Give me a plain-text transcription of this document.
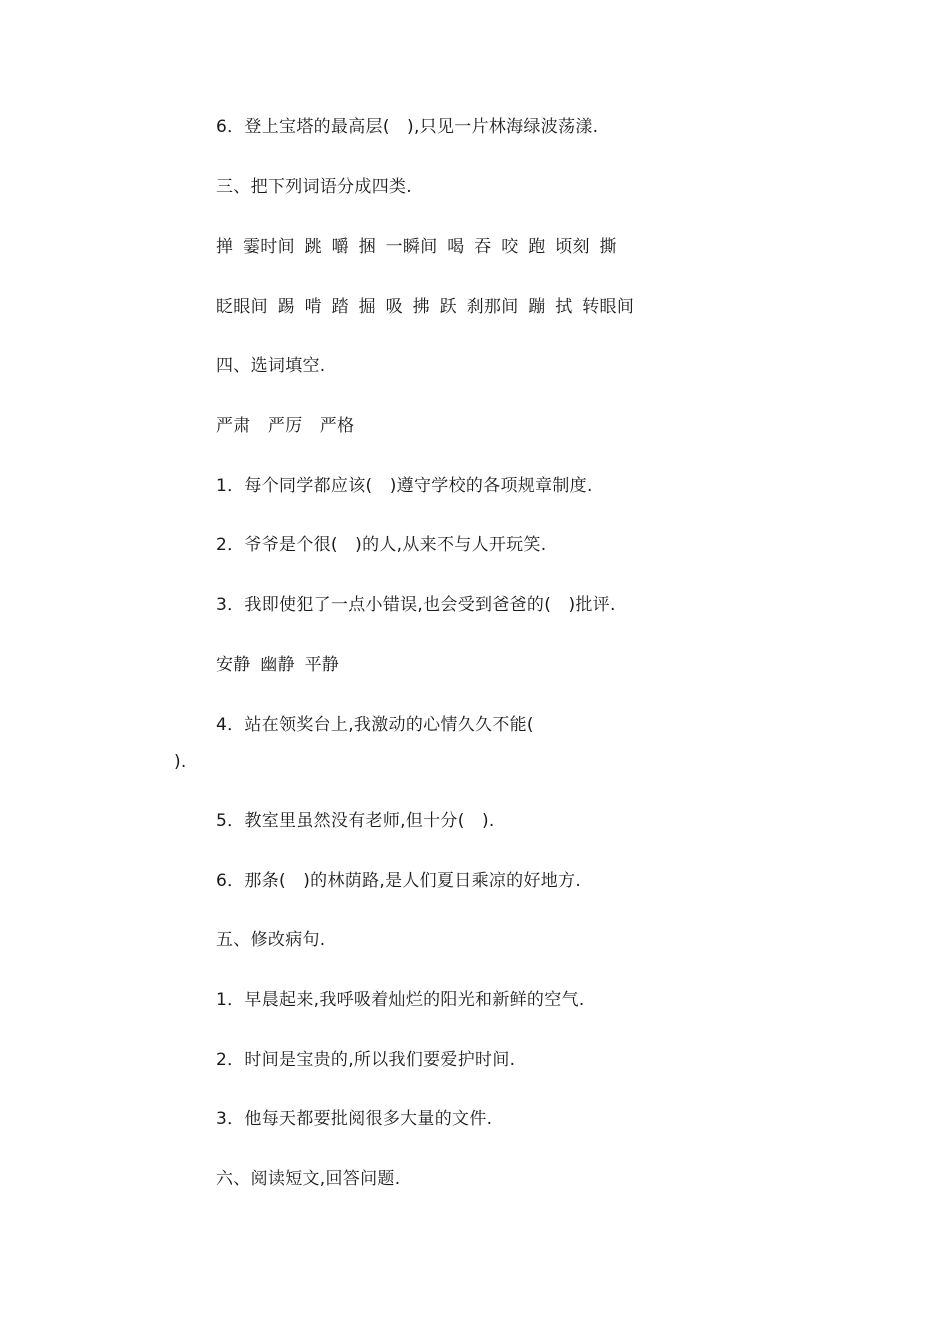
6．登上宝塔的最高层(　),只见一片林海绿波荡漾.
三、把下列词语分成四类.
掸 霎时间 跳 嚼 捆 一瞬间 喝 吞 咬 跑 顷刻 撕
眨眼间 踢 啃 踏 掘 吸 拂 跃 刹那间 蹦 拭 转眼间
四、选词填空.
严肃　严厉　严格
1．每个同学都应该(　)遵守学校的各项规章制度.
2．爷爷是个很(　)的人,从来不与人开玩笑.
3．我即使犯了一点小错误,也会受到爸爸的(　)批评.
安静 幽静 平静
4．站在领奖台上,我激动的心情久久不能(
).
5．教室里虽然没有老师,但十分(　).
6．那条(　)的林荫路,是人们夏日乘凉的好地方.
五、修改病句.
1．早晨起来,我呼吸着灿烂的阳光和新鲜的空气.
2．时间是宝贵的,所以我们要爱护时间.
3．他每天都要批阅很多大量的文件.
六、阅读短文,回答问题.
